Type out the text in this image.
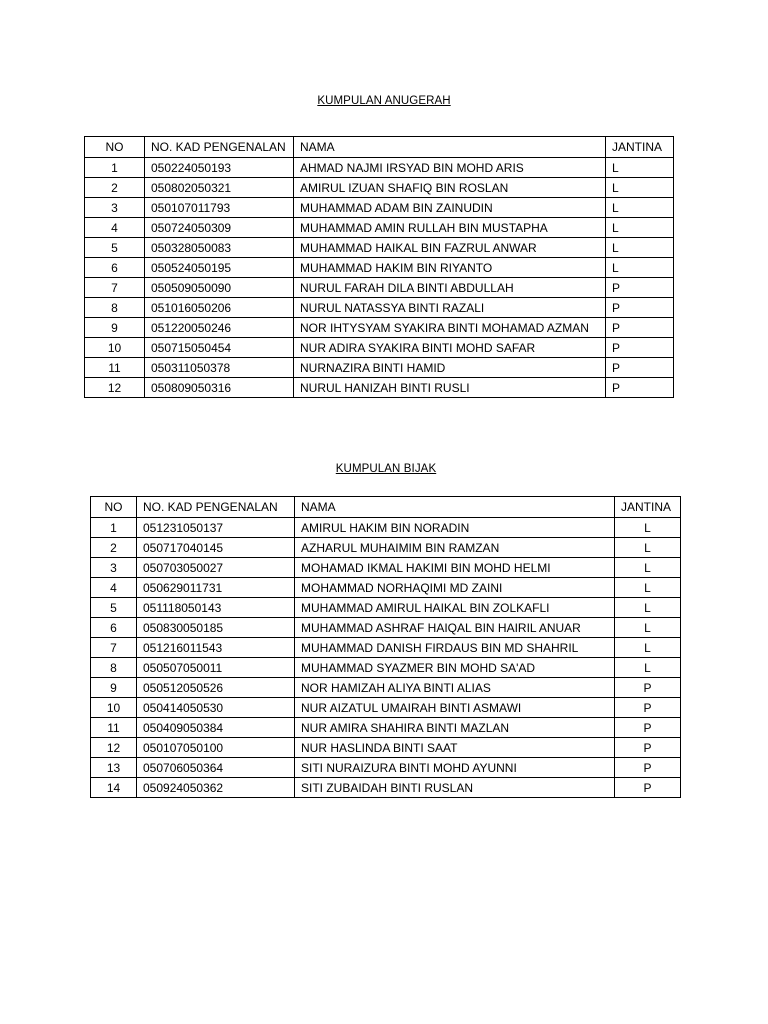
KUMPULAN ANUGERAH
NO	NO. KAD PENGENALAN	NAMA	JANTINA
1	050224050193	AHMAD NAJMI IRSYAD BIN MOHD ARIS	L
2	050802050321	AMIRUL IZUAN SHAFIQ BIN ROSLAN	L
3	050107011793	MUHAMMAD ADAM BIN ZAINUDIN	L
4	050724050309	MUHAMMAD AMIN RULLAH BIN MUSTAPHA	L
5	050328050083	MUHAMMAD HAIKAL BIN FAZRUL ANWAR	L
6	050524050195	MUHAMMAD HAKIM BIN RIYANTO	L
7	050509050090	NURUL FARAH DILA BINTI ABDULLAH	P
8	051016050206	NURUL NATASSYA BINTI RAZALI	P
9	051220050246	NOR IHTYSYAM SYAKIRA BINTI MOHAMAD AZMAN	P
10	050715050454	NUR ADIRA SYAKIRA BINTI MOHD SAFAR	P
11	050311050378	NURNAZIRA BINTI HAMID	P
12	050809050316	NURUL HANIZAH BINTI RUSLI	P
KUMPULAN BIJAK
NO	NO. KAD PENGENALAN	NAMA	JANTINA
1	051231050137	AMIRUL HAKIM BIN NORADIN	L
2	050717040145	AZHARUL MUHAIMIM BIN RAMZAN	L
3	050703050027	MOHAMAD IKMAL HAKIMI BIN MOHD HELMI	L
4	050629011731	MOHAMMAD NORHAQIMI MD ZAINI	L
5	051118050143	MUHAMMAD AMIRUL HAIKAL BIN ZOLKAFLI	L
6	050830050185	MUHAMMAD ASHRAF HAIQAL BIN HAIRIL ANUAR	L
7	051216011543	MUHAMMAD DANISH FIRDAUS BIN MD SHAHRIL	L
8	050507050011	MUHAMMAD SYAZMER BIN MOHD SA'AD	L
9	050512050526	NOR HAMIZAH ALIYA BINTI ALIAS	P
10	050414050530	NUR AIZATUL UMAIRAH BINTI ASMAWI	P
11	050409050384	NUR AMIRA SHAHIRA BINTI MAZLAN	P
12	050107050100	NUR HASLINDA BINTI SAAT	P
13	050706050364	SITI NURAIZURA BINTI MOHD AYUNNI	P
14	050924050362	SITI ZUBAIDAH BINTI RUSLAN	P
